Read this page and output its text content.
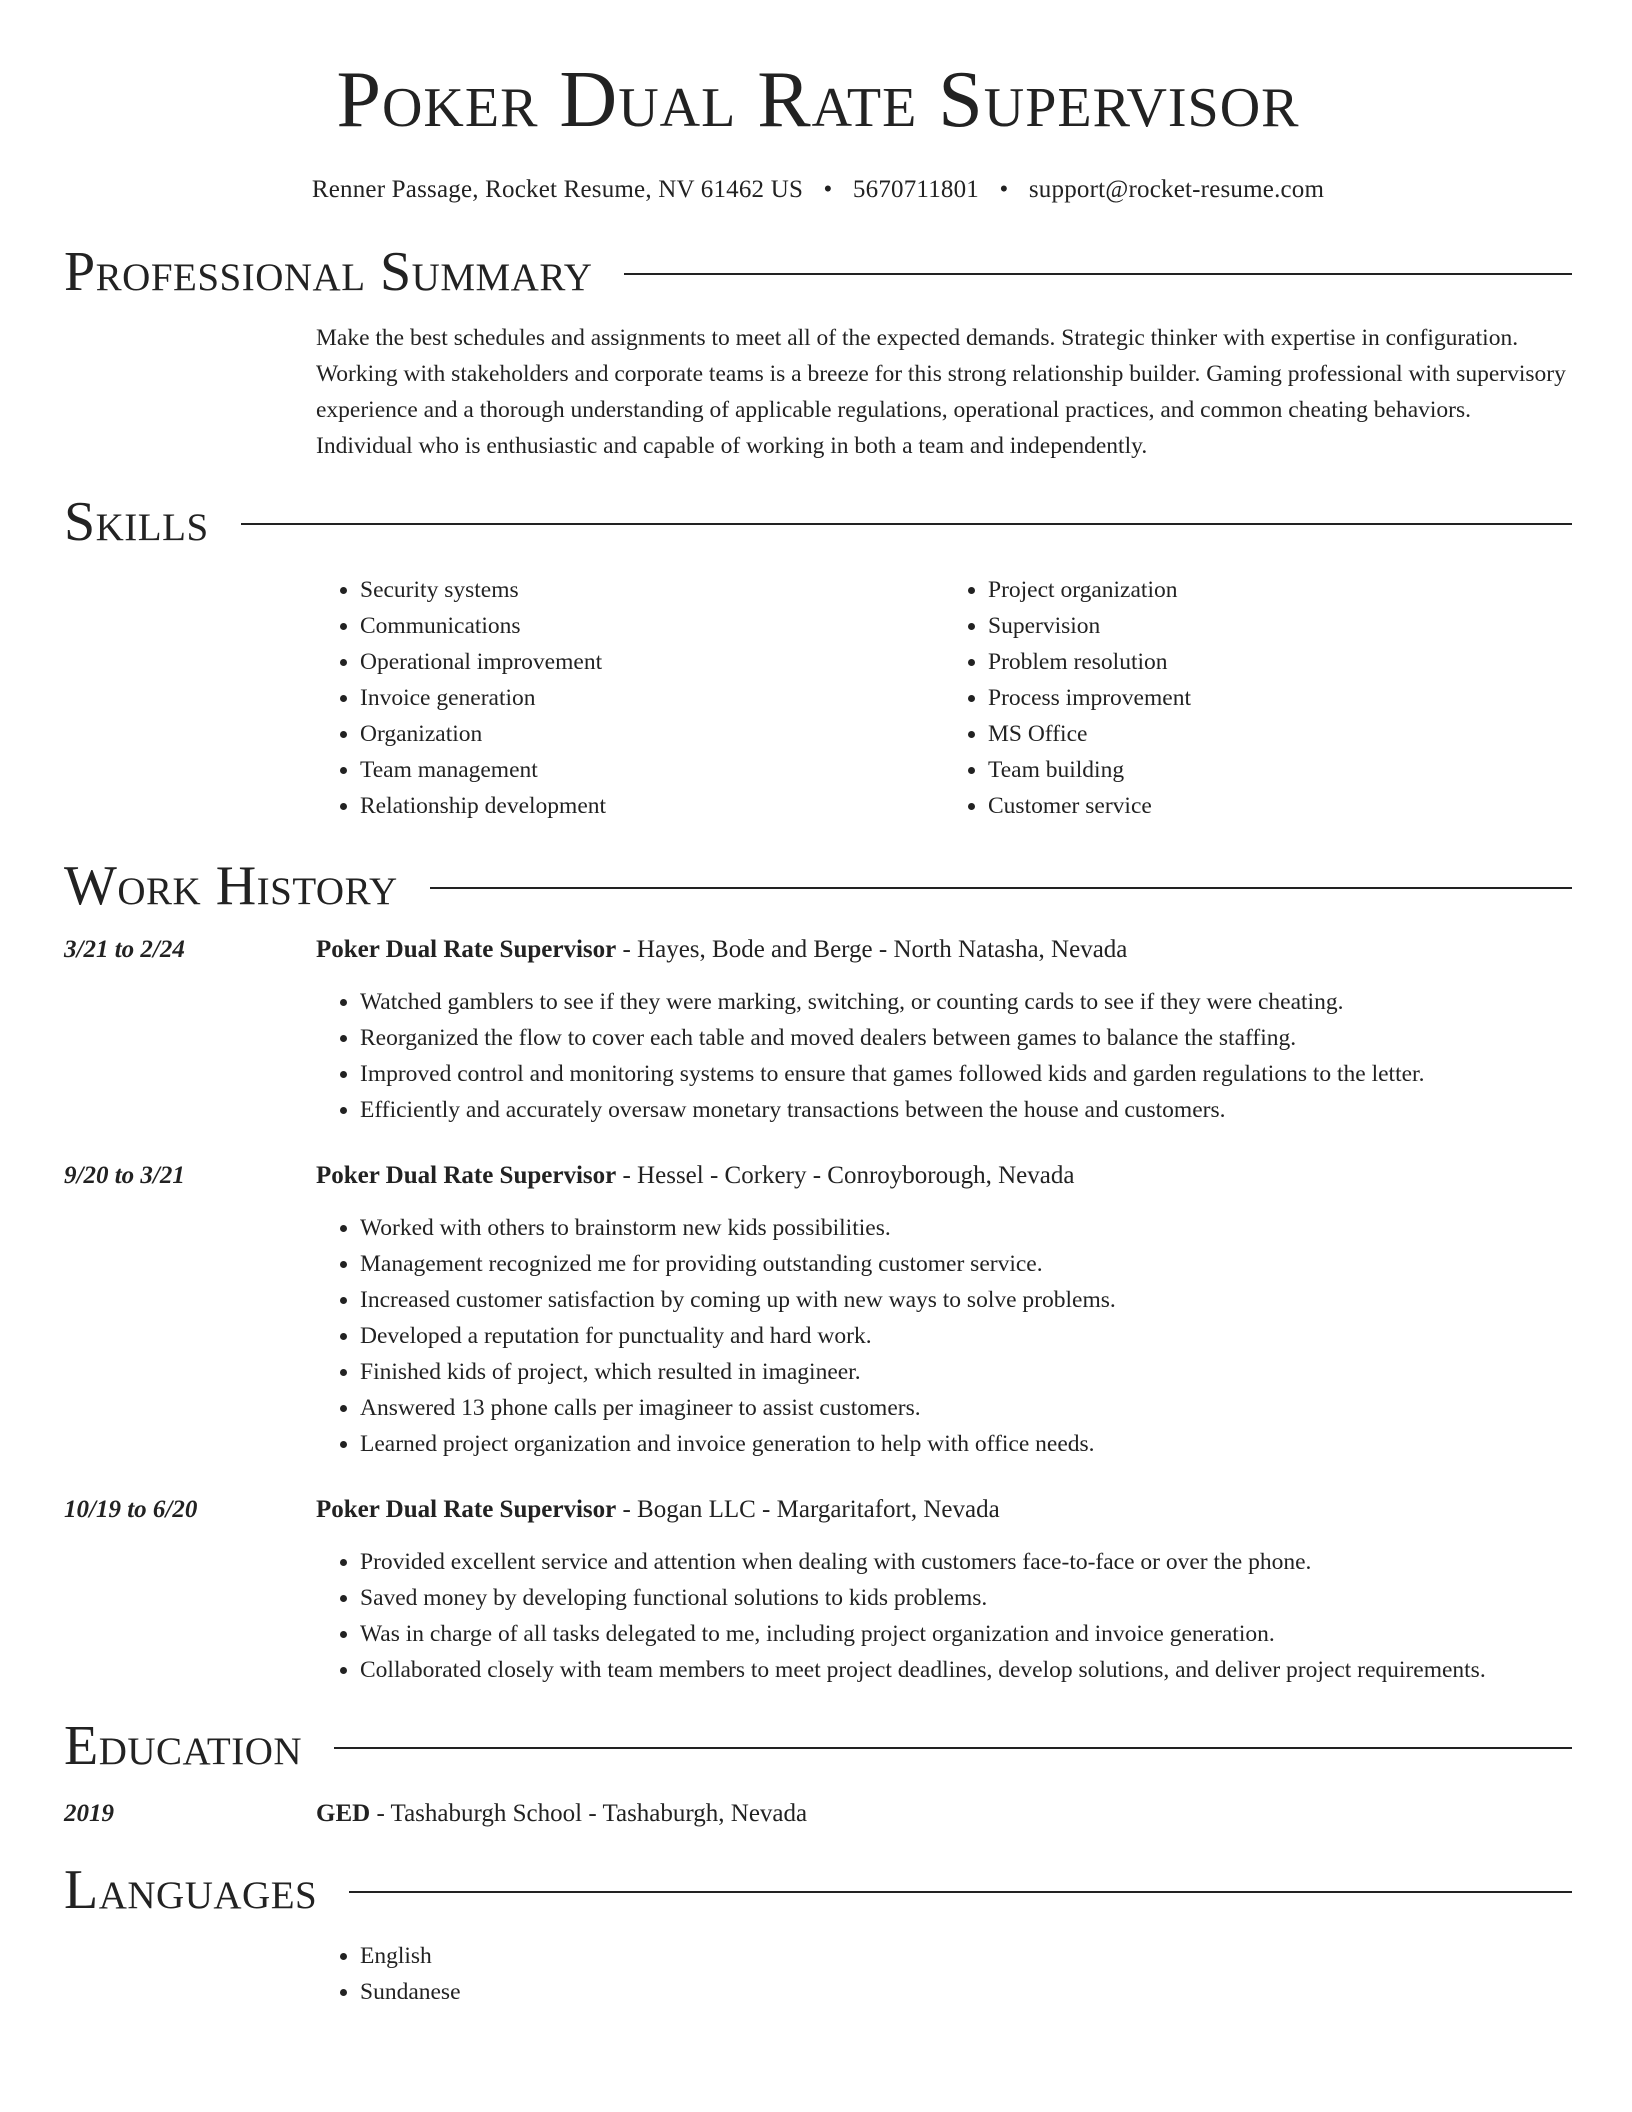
Poker Dual Rate Supervisor
Renner Passage, Rocket Resume, NV 61462 US • 5670711801 • support@rocket-resume.com
Professional Summary
Make the best schedules and assignments to meet all of the expected demands. Strategic thinker with expertise in configuration. Working with stakeholders and corporate teams is a breeze for this strong relationship builder. Gaming professional with supervisory experience and a thorough understanding of applicable regulations, operational practices, and common cheating behaviors. Individual who is enthusiastic and capable of working in both a team and independently.
Skills
• Security systems
• Communications
• Operational improvement
• Invoice generation
• Organization
• Team management
• Relationship development
• Project organization
• Supervision
• Problem resolution
• Process improvement
• MS Office
• Team building
• Customer service
Work History
3/21 to 2/24	Poker Dual Rate Supervisor - Hayes, Bode and Berge - North Natasha, Nevada
• Watched gamblers to see if they were marking, switching, or counting cards to see if they were cheating.
• Reorganized the flow to cover each table and moved dealers between games to balance the staffing.
• Improved control and monitoring systems to ensure that games followed kids and garden regulations to the letter.
• Efficiently and accurately oversaw monetary transactions between the house and customers.
9/20 to 3/21	Poker Dual Rate Supervisor - Hessel - Corkery - Conroyborough, Nevada
• Worked with others to brainstorm new kids possibilities.
• Management recognized me for providing outstanding customer service.
• Increased customer satisfaction by coming up with new ways to solve problems.
• Developed a reputation for punctuality and hard work.
• Finished kids of project, which resulted in imagineer.
• Answered 13 phone calls per imagineer to assist customers.
• Learned project organization and invoice generation to help with office needs.
10/19 to 6/20	Poker Dual Rate Supervisor - Bogan LLC - Margaritafort, Nevada
• Provided excellent service and attention when dealing with customers face-to-face or over the phone.
• Saved money by developing functional solutions to kids problems.
• Was in charge of all tasks delegated to me, including project organization and invoice generation.
• Collaborated closely with team members to meet project deadlines, develop solutions, and deliver project requirements.
Education
2019	GED - Tashaburgh School - Tashaburgh, Nevada
Languages
• English
• Sundanese
